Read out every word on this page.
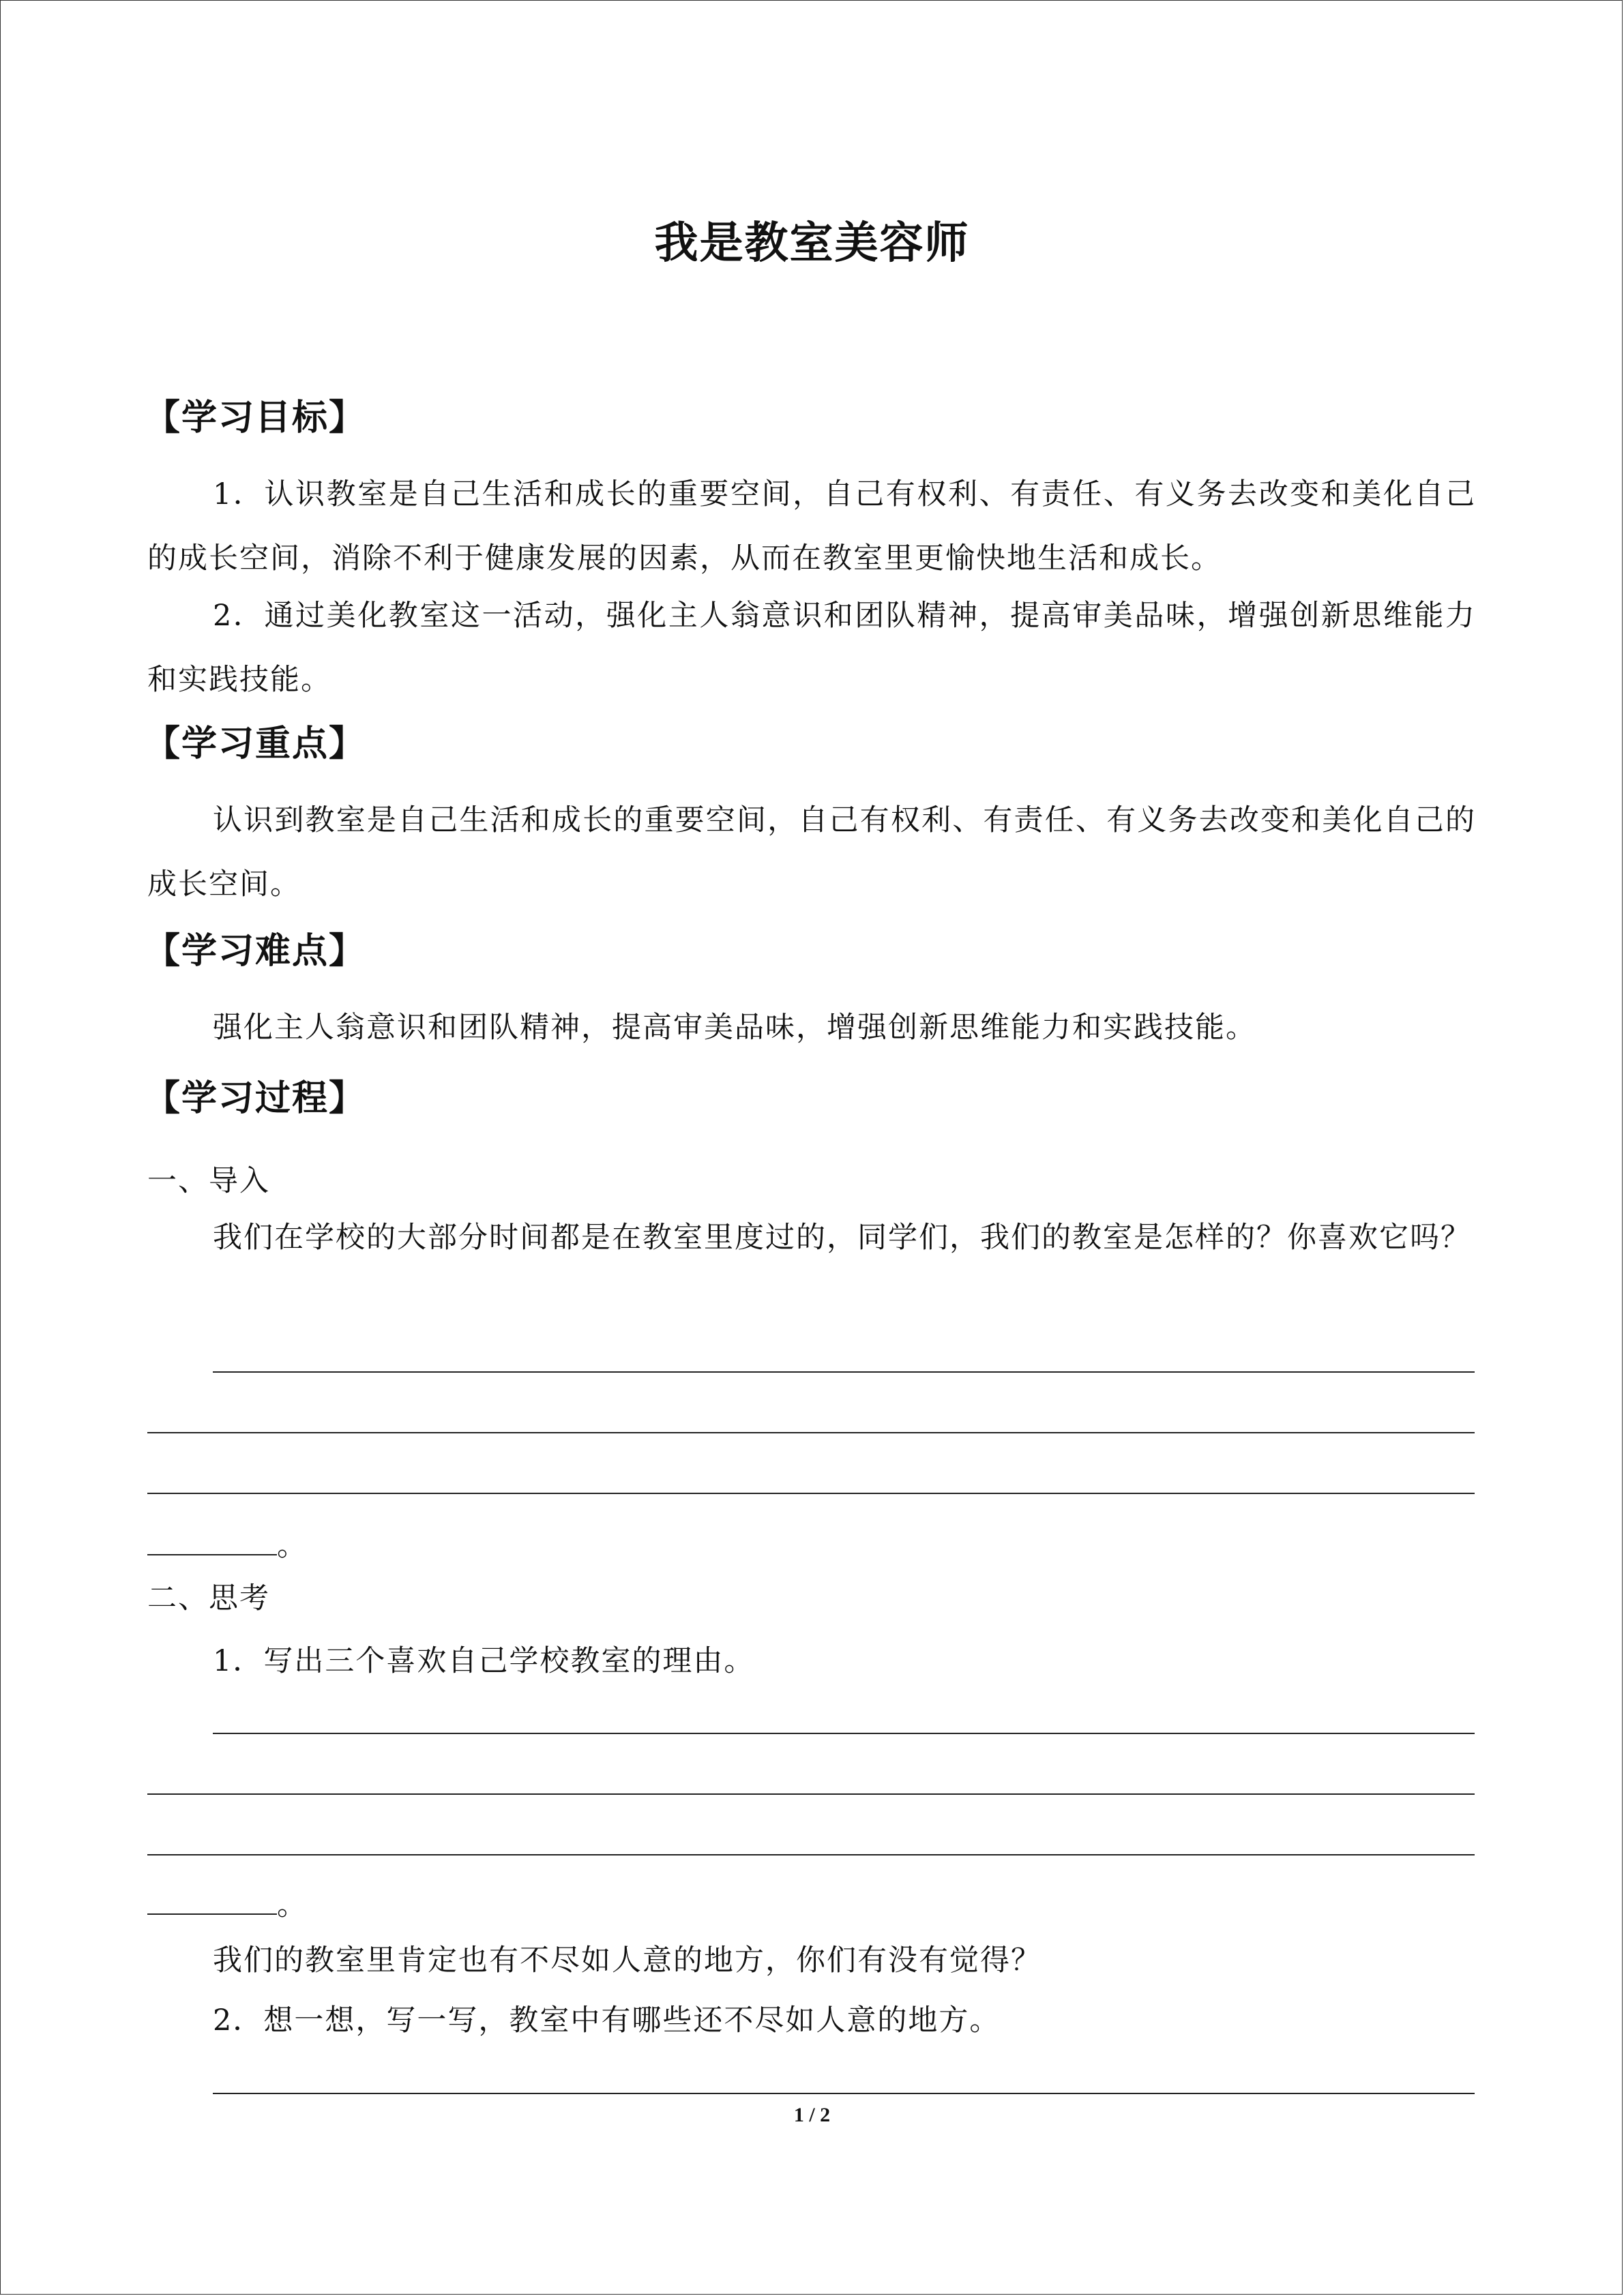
我是教室美容师
【学习目标】
1．认识教室是自己生活和成长的重要空间，自己有权利、有责任、有义务去改变和美化自己的成长空间，消除不利于健康发展的因素，从而在教室里更愉快地生活和成长。
2．通过美化教室这一活动，强化主人翁意识和团队精神，提高审美品味，增强创新思维能力和实践技能。
【学习重点】
认识到教室是自己生活和成长的重要空间，自己有权利、有责任、有义务去改变和美化自己的成长空间。
【学习难点】
强化主人翁意识和团队精神，提高审美品味，增强创新思维能力和实践技能。
【学习过程】
一、导入
我们在学校的大部分时间都是在教室里度过的，同学们，我们的教室是怎样的？你喜欢它吗？
。
二、思考
1．写出三个喜欢自己学校教室的理由。
。
我们的教室里肯定也有不尽如人意的地方，你们有没有觉得？
2．想一想，写一写，教室中有哪些还不尽如人意的地方。
1 / 2
